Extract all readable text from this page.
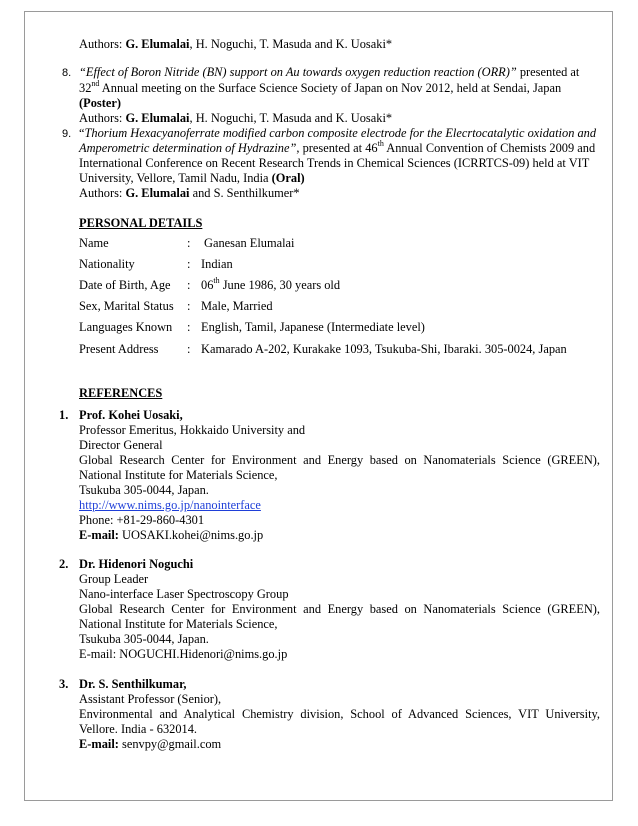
Authors: G. Elumalai, H. Noguchi, T. Masuda and K. Uosaki*
8. “Effect of Boron Nitride (BN) support on Au towards oxygen reduction reaction (ORR)” presented at
32nd Annual meeting on the Surface Science Society of Japan on Nov 2012, held at Sendai, Japan
(Poster)
Authors: G. Elumalai, H. Noguchi, T. Masuda and K. Uosaki*
9. “Thorium Hexacyanoferrate modified carbon composite electrode for the Elecrtocatalytic oxidation and
Amperometric determination of Hydrazine”, presented at 46th Annual Convention of Chemists 2009 and
International Conference on Recent Research Trends in Chemical Sciences (ICRRTCS-09) held at VIT
University, Vellore, Tamil Nadu, India (Oral)
Authors: G. Elumalai and S. Senthilkumer*
PERSONAL DETAILS
Name	: Ganesan Elumalai
Nationality	: Indian
Date of Birth, Age : 06th June 1986, 30 years old
Sex, Marital Status : Male, Married
Languages Known : English, Tamil, Japanese (Intermediate level)
Present Address : Kamarado A-202, Kurakake 1093, Tsukuba-Shi, Ibaraki. 305-0024, Japan
REFERENCES
1. Prof. Kohei Uosaki,
Professor Emeritus, Hokkaido University and
Director General
Global Research Center for Environment and Energy based on Nanomaterials Science (GREEN),
National Institute for Materials Science,
Tsukuba 305-0044, Japan.
http://www.nims.go.jp/nanointerface
Phone: +81-29-860-4301
E-mail: UOSAKI.kohei@nims.go.jp
2. Dr. Hidenori Noguchi
Group Leader
Nano-interface Laser Spectroscopy Group
Global Research Center for Environment and Energy based on Nanomaterials Science (GREEN),
National Institute for Materials Science,
Tsukuba 305-0044, Japan.
E-mail: NOGUCHI.Hidenori@nims.go.jp
3. Dr. S. Senthilkumar,
Assistant Professor (Senior),
Environmental and Analytical Chemistry division, School of Advanced Sciences, VIT University,
Vellore. India - 632014.
E-mail: senvpy@gmail.com
